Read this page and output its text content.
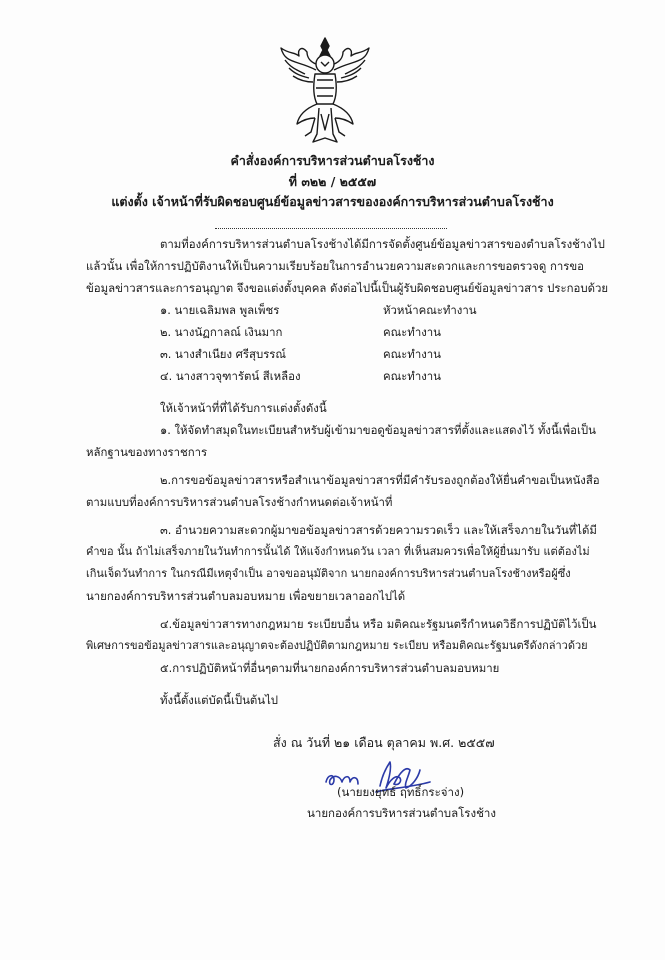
คำสั่งองค์การบริหารส่วนตำบลโรงช้าง
ที่ ๓๒๒ / ๒๕๕๗
แต่งตั้ง เจ้าหน้าที่รับผิดชอบศูนย์ข้อมูลข่าวสารขององค์การบริหารส่วนตำบลโรงช้าง
ตามที่องค์การบริหารส่วนตำบลโรงช้างได้มีการจัดตั้งศูนย์ข้อมูลข่าวสารของตำบลโรงช้างไป
แล้วนั้น เพื่อให้การปฏิบัติงานให้เป็นความเรียบร้อยในการอำนวยความสะดวกและการขอตรวจดู การขอ
ข้อมูลข่าวสารและการอนุญาต จึงขอแต่งตั้งบุคคล ดังต่อไปนี้เป็นผู้รับผิดชอบศูนย์ข้อมูลข่าวสาร ประกอบด้วย
๑. นายเฉลิมพล พูลเพ็ชร	หัวหน้าคณะทำงาน
๒. นางนัฏกาลณ์ เงินมาก	คณะทำงาน
๓. นางสำเนียง ศรีสุบรรณ์	คณะทำงาน
๔. นางสาวจุฑารัตน์ สีเหลือง	คณะทำงาน
ให้เจ้าหน้าที่ที่ได้รับการแต่งตั้งดังนี้
๑. ให้จัดทำสมุดในทะเบียนสำหรับผู้เข้ามาขอดูข้อมูลข่าวสารที่ตั้งและแสดงไว้ ทั้งนี้เพื่อเป็น
หลักฐานของทางราชการ
๒.การขอข้อมูลข่าวสารหรือสำเนาข้อมูลข่าวสารที่มีคำรับรองถูกต้องให้ยื่นคำขอเป็นหนังสือ
ตามแบบที่องค์การบริหารส่วนตำบลโรงช้างกำหนดต่อเจ้าหน้าที่
๓. อำนวยความสะดวกผู้มาขอข้อมูลข่าวสารด้วยความรวดเร็ว และให้เสร็จภายในวันที่ได้มี
คำขอ นั้น ถ้าไม่เสร็จภายในวันทำการนั้นได้ ให้แจ้งกำหนดวัน เวลา ที่เห็นสมควรเพื่อให้ผู้ยื่นมารับ แต่ต้องไม่
เกินเจ็ดวันทำการ ในกรณีมีเหตุจำเป็น อาจขออนุมัติจาก นายกองค์การบริหารส่วนตำบลโรงช้างหรือผู้ซึ่ง
นายกองค์การบริหารส่วนตำบลมอบหมาย เพื่อขยายเวลาออกไปได้
๔.ข้อมูลข่าวสารทางกฎหมาย ระเบียบอื่น หรือ มติคณะรัฐมนตรีกำหนดวิธีการปฏิบัติไว้เป็น
พิเศษการขอข้อมูลข่าวสารและอนุญาตจะต้องปฏิบัติตามกฎหมาย ระเบียบ หรือมติคณะรัฐมนตรีดังกล่าวด้วย
๕.การปฏิบัติหน้าที่อื่นๆตามที่นายกองค์การบริหารส่วนตำบลมอบหมาย
ทั้งนี้ตั้งแต่บัดนี้เป็นต้นไป
สั่ง ณ วันที่ ๒๑ เดือน ตุลาคม พ.ศ. ๒๕๕๗
(นายยงยุทธ์ ฤทธิ์กระจ่าง)
นายกองค์การบริหารส่วนตำบลโรงช้าง
